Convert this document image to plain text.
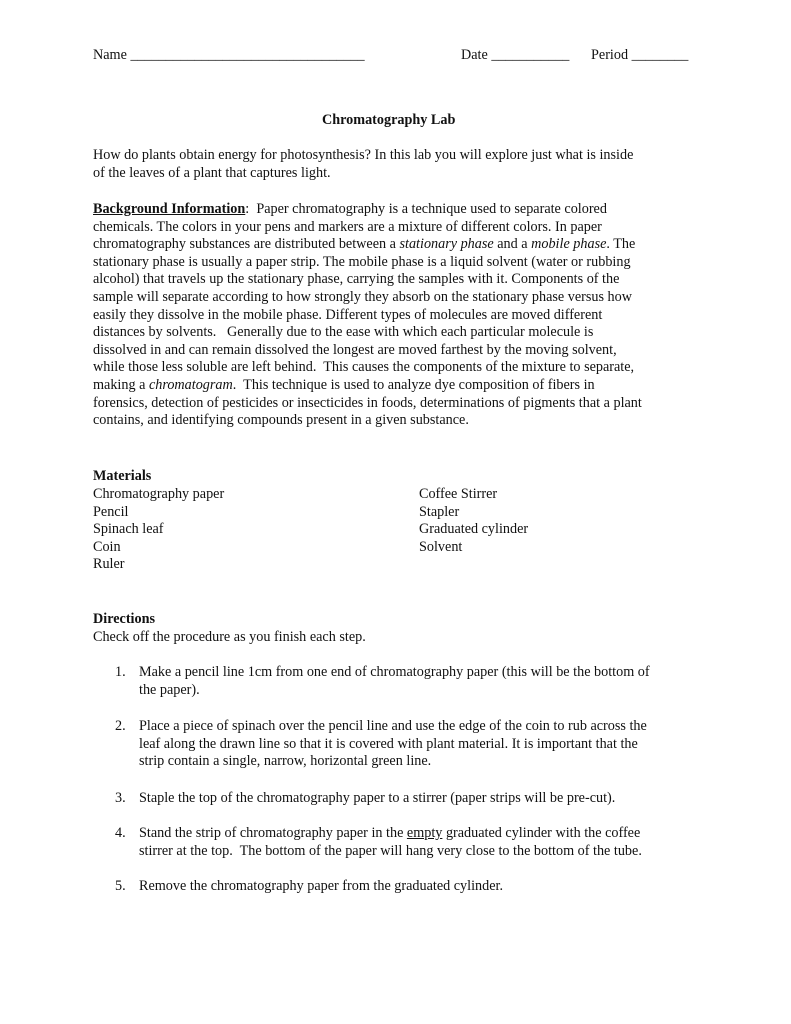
Name _________________________________	Date ___________ Period ________
Chromatography Lab
How do plants obtain energy for photosynthesis? In this lab you will explore just what is inside
of the leaves of a plant that captures light.
Background Information:  Paper chromatography is a technique used to separate colored
chemicals. The colors in your pens and markers are a mixture of different colors. In paper
chromatography substances are distributed between a stationary phase and a mobile phase. The
stationary phase is usually a paper strip. The mobile phase is a liquid solvent (water or rubbing
alcohol) that travels up the stationary phase, carrying the samples with it. Components of the
sample will separate according to how strongly they absorb on the stationary phase versus how
easily they dissolve in the mobile phase. Different types of molecules are moved different
distances by solvents.   Generally due to the ease with which each particular molecule is
dissolved in and can remain dissolved the longest are moved farthest by the moving solvent,
while those less soluble are left behind.  This causes the components of the mixture to separate,
making a chromatogram.  This technique is used to analyze dye composition of fibers in
forensics, detection of pesticides or insecticides in foods, determinations of pigments that a plant
contains, and identifying compounds present in a given substance.
Materials
Chromatography paper
Pencil
Spinach leaf
Coin
Ruler
Coffee Stirrer
Stapler
Graduated cylinder
Solvent
Directions
Check off the procedure as you finish each step.
1. Make a pencil line 1cm from one end of chromatography paper (this will be the bottom of
the paper).
2. Place a piece of spinach over the pencil line and use the edge of the coin to rub across the
leaf along the drawn line so that it is covered with plant material. It is important that the
strip contain a single, narrow, horizontal green line.
3. Staple the top of the chromatography paper to a stirrer (paper strips will be pre-cut).
4. Stand the strip of chromatography paper in the empty graduated cylinder with the coffee
stirrer at the top.  The bottom of the paper will hang very close to the bottom of the tube.
5. Remove the chromatography paper from the graduated cylinder.
